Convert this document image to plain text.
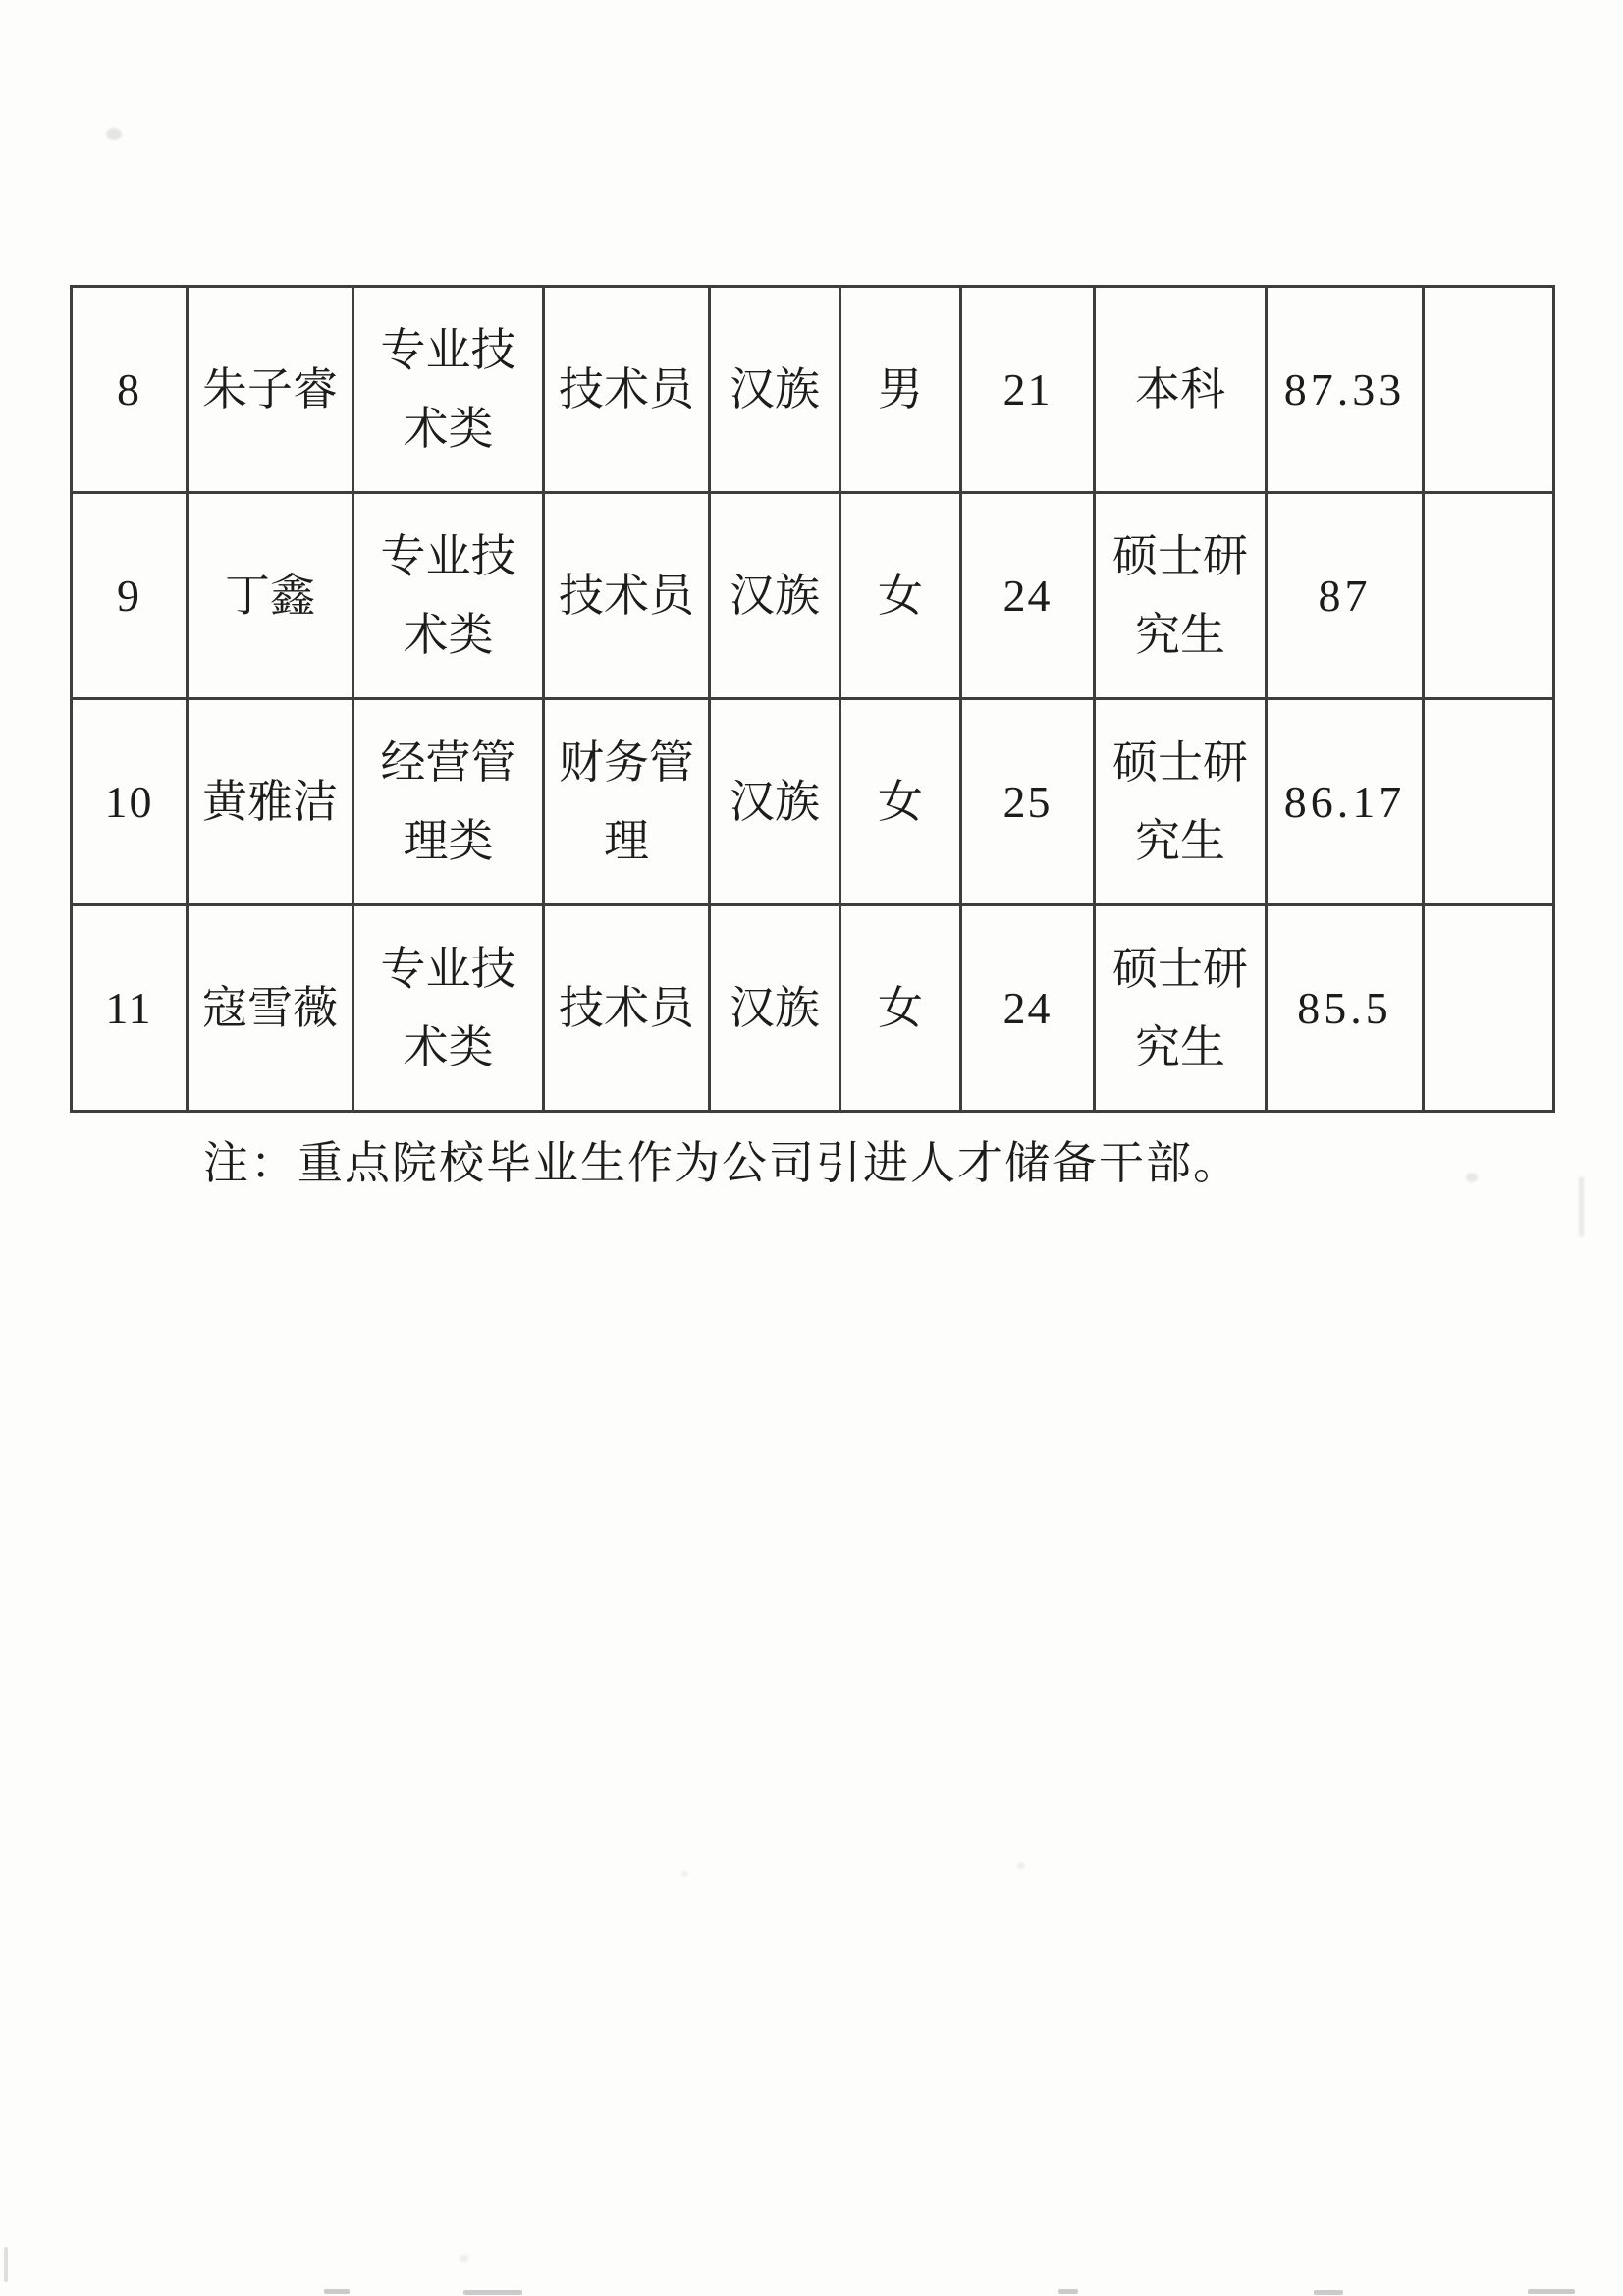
8	朱子睿	专业技术类	技术员	汉族	男	21	本科	87.33	
9	丁鑫	专业技术类	技术员	汉族	女	24	硕士研究生	87	
10	黄雅洁	经营管理类	财务管理	汉族	女	25	硕士研究生	86.17	
11	寇雪薇	专业技术类	技术员	汉族	女	24	硕士研究生	85.5	
注：重点院校毕业生作为公司引进人才储备干部。
